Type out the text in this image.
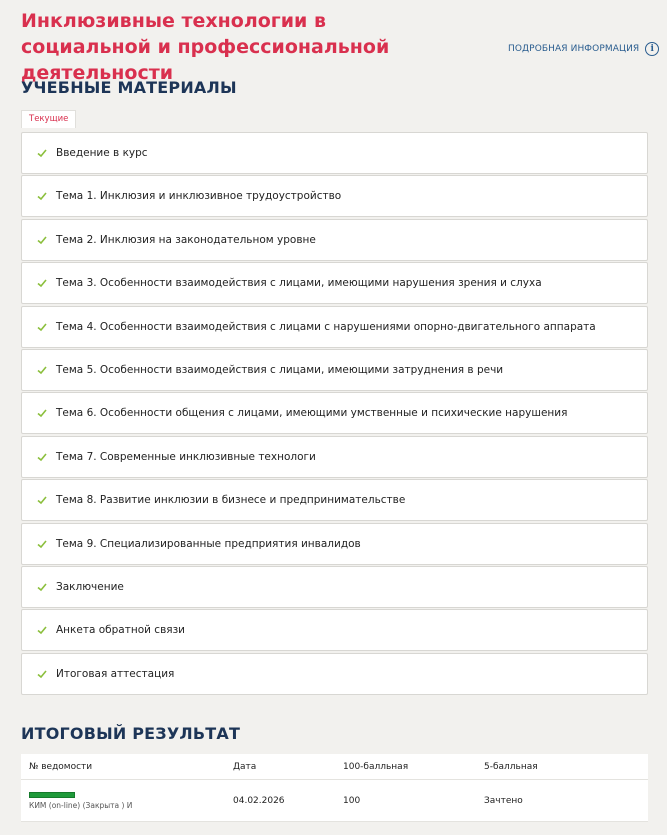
Инклюзивные технологии в социальной и профессиональной деятельности
ПОДРОБНАЯ ИНФОРМАЦИЯ	i
УЧЕБНЫЕ МАТЕРИАЛЫ
Текущие
Введение в курс
Тема 1. Инклюзия и инклюзивное трудоустройство
Тема 2. Инклюзия на законодательном уровне
Тема 3. Особенности взаимодействия с лицами, имеющими нарушения зрения и слуха
Тема 4. Особенности взаимодействия с лицами с нарушениями опорно-двигательного аппарата
Тема 5. Особенности взаимодействия с лицами, имеющими затруднения в речи
Тема 6. Особенности общения с лицами, имеющими умственные и психические нарушения
Тема 7. Современные инклюзивные технологи
Тема 8. Развитие инклюзии в бизнесе и предпринимательстве
Тема 9. Специализированные предприятия инвалидов
Заключение
Анкета обратной связи
Итоговая аттестация
ИТОГОВЫЙ РЕЗУЛЬТАТ
№ ведомости	Дата	100-балльная	5-балльная
КИМ (on-line) (Закрыта ) И	04.02.2026	100	Зачтено
